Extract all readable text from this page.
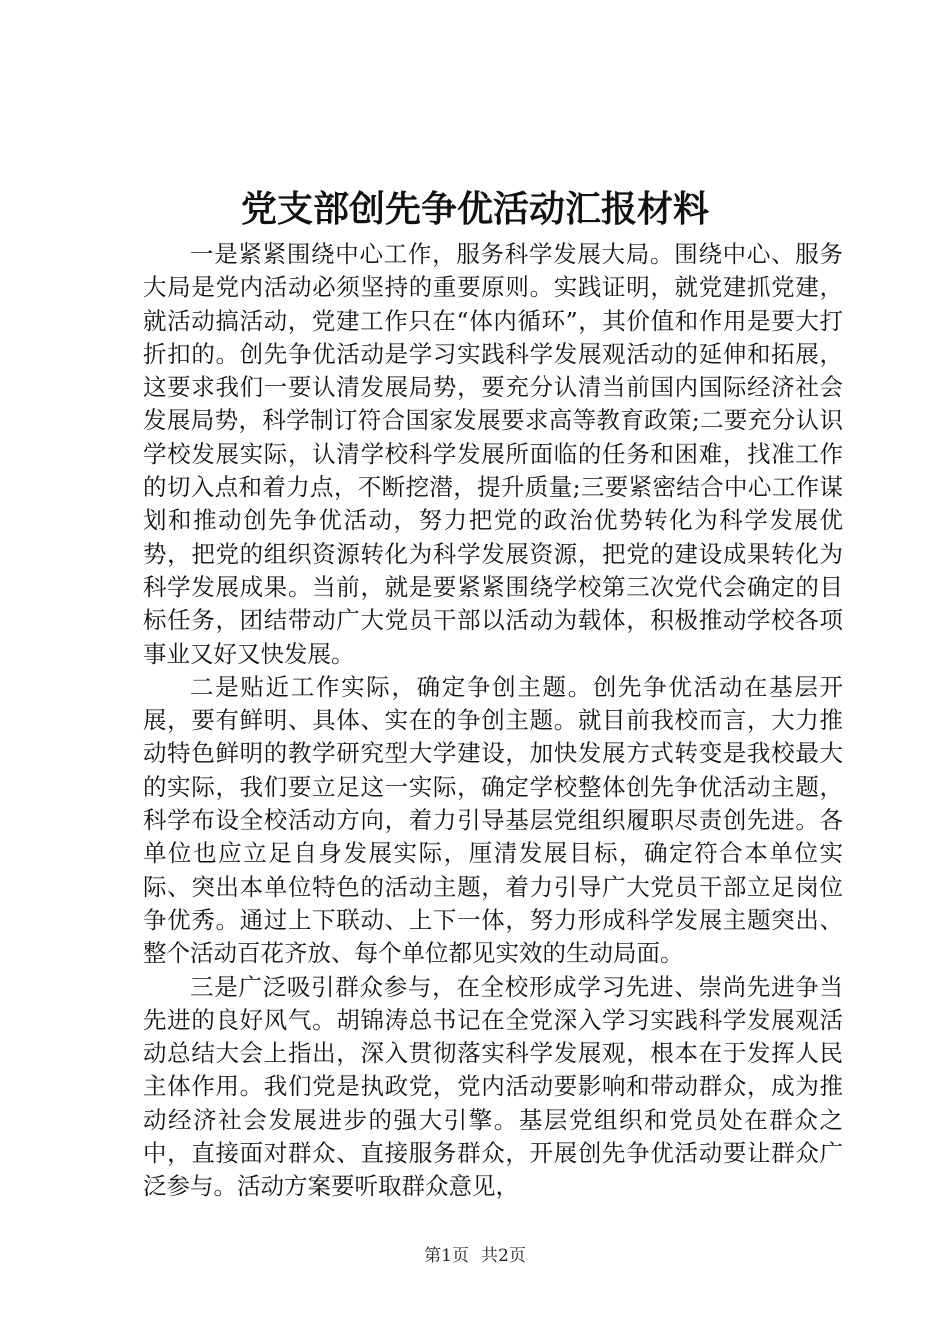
党支部创先争优活动汇报材料

一是紧紧围绕中心工作，服务科学发展大局。围绕中心、服务大局是党内活动必须坚持的重要原则。实践证明，就党建抓党建，就活动搞活动，党建工作只在“体内循环”，其价值和作用是要大打折扣的。创先争优活动是学习实践科学发展观活动的延伸和拓展，这要求我们一要认清发展局势，要充分认清当前国内国际经济社会发展局势，科学制订符合国家发展要求高等教育政策;二要充分认识学校发展实际，认清学校科学发展所面临的任务和困难，找准工作的切入点和着力点，不断挖潜，提升质量;三要紧密结合中心工作谋划和推动创先争优活动，努力把党的政治优势转化为科学发展优势，把党的组织资源转化为科学发展资源，把党的建设成果转化为科学发展成果。当前，就是要紧紧围绕学校第三次党代会确定的目标任务，团结带动广大党员干部以活动为载体，积极推动学校各项事业又好又快发展。

二是贴近工作实际，确定争创主题。创先争优活动在基层开展，要有鲜明、具体、实在的争创主题。就目前我校而言，大力推动特色鲜明的教学研究型大学建设，加快发展方式转变是我校最大的实际，我们要立足这一实际，确定学校整体创先争优活动主题，科学布设全校活动方向，着力引导基层党组织履职尽责创先进。各单位也应立足自身发展实际，厘清发展目标，确定符合本单位实际、突出本单位特色的活动主题，着力引导广大党员干部立足岗位争优秀。通过上下联动、上下一体，努力形成科学发展主题突出、整个活动百花齐放、每个单位都见实效的生动局面。

三是广泛吸引群众参与，在全校形成学习先进、崇尚先进争当先进的良好风气。胡锦涛总书记在全党深入学习实践科学发展观活动总结大会上指出，深入贯彻落实科学发展观，根本在于发挥人民主体作用。我们党是执政党，党内活动要影响和带动群众，成为推动经济社会发展进步的强大引擎。基层党组织和党员处在群众之中，直接面对群众、直接服务群众，开展创先争优活动要让群众广泛参与。活动方案要听取群众意见，

第1页 共2页
